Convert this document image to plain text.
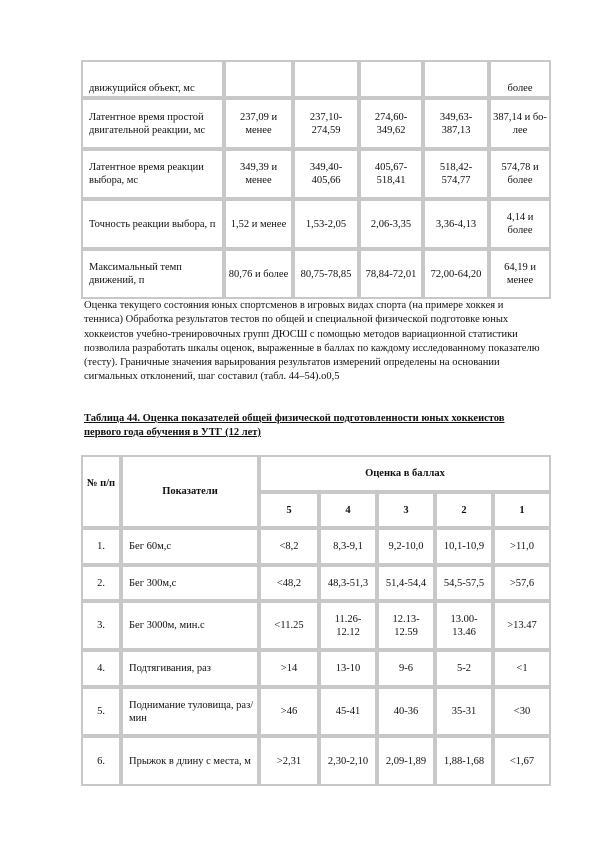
движущийся объект, мс					более
Латентное время простой двигательной реакции, мс	237,09 и менее	237,10-274,59	274,60-349,62	349,63-387,13	387,14 и бо-лее
Латентное время реакции выбора, мс	349,39 и менее	349,40-405,66	405,67-518,41	518,42-574,77	574,78 и более
Точность реакции выбора, п	1,52 и менее	1,53-2,05	2,06-3,35	3,36-4,13	4,14 и более
Максимальный темп движений, п	80,76 и более	80,75-78,85	78,84-72,01	72,00-64,20	64,19 и менее

Оценка текущего состояния юных спортсменов в игровых видах спорта (на примере хоккея и тенниса) Обработка результатов тестов по общей и специальной физической подготовке юных хоккеистов учебно-тренировочных групп ДЮСШ с помощью методов вариационной статистики позволила разработать шкалы оценок, выраженные в баллах по каждому исследованному показателю (тесту). Граничные значения варьирования результатов измерений определены на основании сигмальных отклонений, шаг составил (табл. 44–54).о0,5

Таблица 44. Оценка показателей общей физической подготовленности юных хоккеистов первого года обучения в УТГ (12 лет)

№ п/п	Показатели	Оценка в баллах				
		5	4	3	2	1
1.	Бег 60м,с	<8,2	8,3-9,1	9,2-10,0	10,1-10,9	>11,0
2.	Бег 300м,с	<48,2	48,3-51,3	51,4-54,4	54,5-57,5	>57,6
3.	Бег 3000м, мин.с	<11.25	11.26-12.12	12.13-12.59	13.00-13.46	>13.47
4.	Подтягивания, раз	>14	13-10	9-6	5-2	<1
5.	Поднимание туловища, раз/мин	>46	45-41	40-36	35-31	<30
6.	Прыжок в длину с места, м	>2,31	2,30-2,10	2,09-1,89	1,88-1,68	<1,67
